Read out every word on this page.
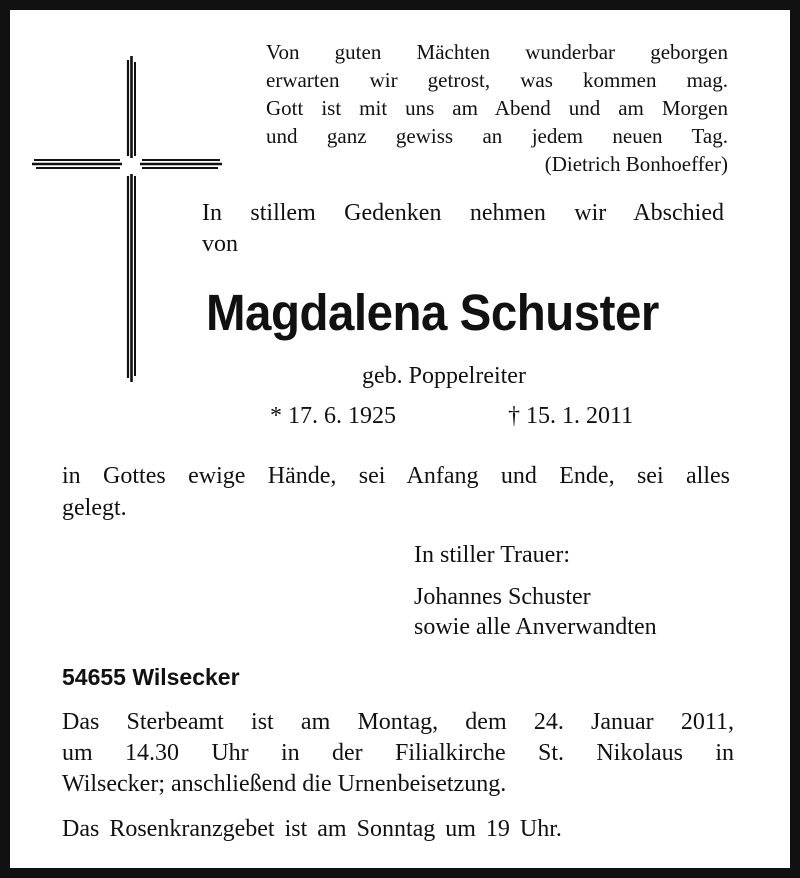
Von guten Mächten wunderbar geborgen
erwarten wir getrost, was kommen mag.
Gott ist mit uns am Abend und am Morgen
und ganz gewiss an jedem neuen Tag.
(Dietrich Bonhoeffer)
In stillem Gedenken nehmen wir Abschied
von
Magdalena Schuster
geb. Poppelreiter
* 17. 6. 1925	† 15. 1. 2011
in Gottes ewige Hände, sei Anfang und Ende, sei alles
gelegt.
In stiller Trauer:
Johannes Schuster
sowie alle Anverwandten
54655 Wilsecker
Das Sterbeamt ist am Montag, dem 24. Januar 2011,
um 14.30 Uhr in der Filialkirche St. Nikolaus in
Wilsecker; anschließend die Urnenbeisetzung.
Das Rosenkranzgebet ist am Sonntag um 19 Uhr.
